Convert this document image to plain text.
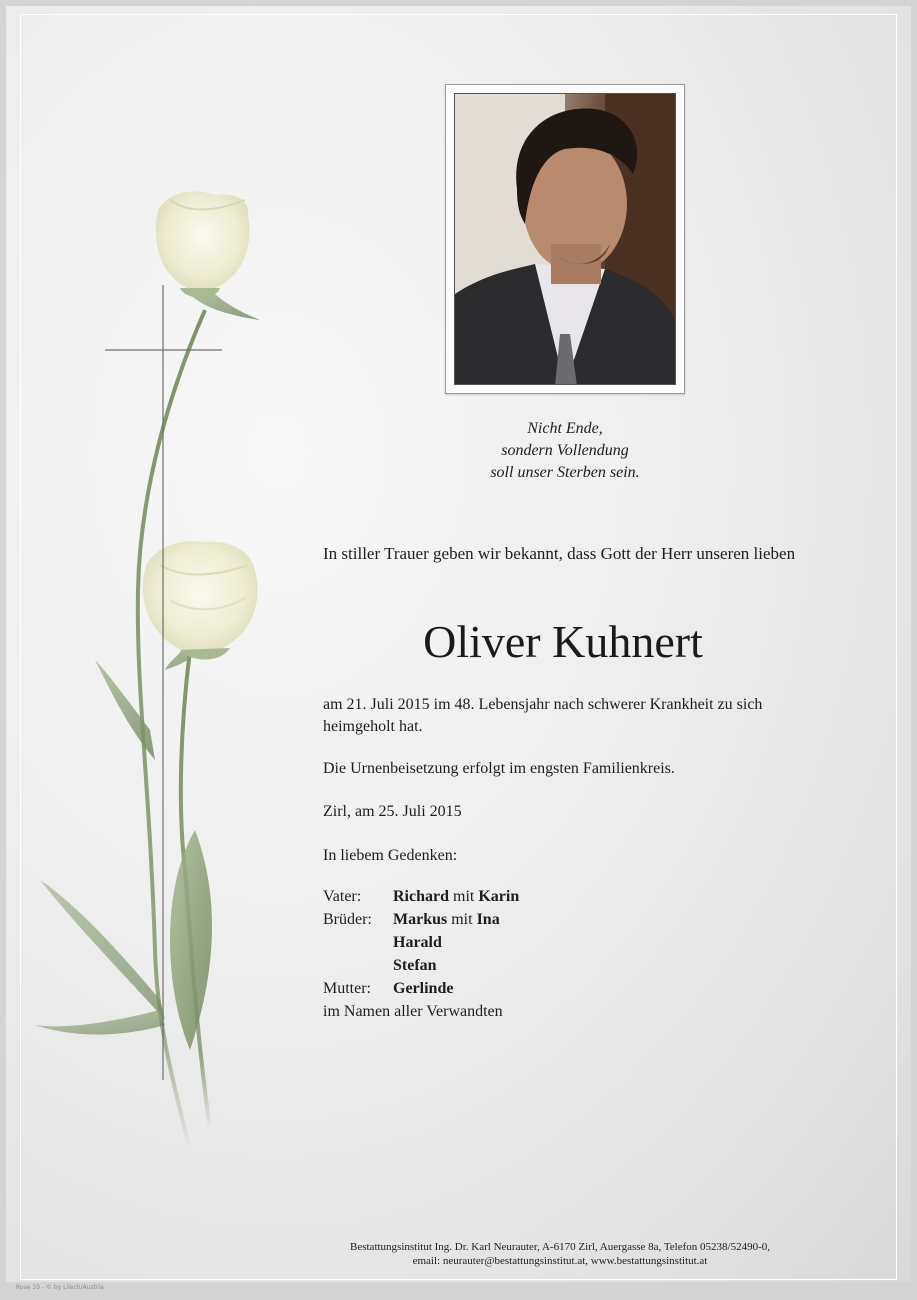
Nicht Ende,
sondern Vollendung
soll unser Sterben sein.
In stiller Trauer geben wir bekannt, dass Gott der Herr unseren lieben
Oliver Kuhnert
am 21. Juli 2015 im 48. Lebensjahr nach schwerer Krankheit zu sich heimgeholt hat.
Die Urnenbeisetzung erfolgt im engsten Familienkreis.
Zirl, am 25. Juli 2015
In liebem Gedenken:
Vater:	Richard mit Karin
Brüder:	Markus mit Ina
Harald
Stefan
Mutter:	Gerlinde
im Namen aller Verwandten
Bestattungsinstitut Ing. Dr. Karl Neurauter, A-6170 Zirl, Auergasse 8a, Telefon 05238/52490-0,
email: neurauter@bestattungsinstitut.at, www.bestattungsinstitut.at
Rose 10 - © by Lilech/Austria
